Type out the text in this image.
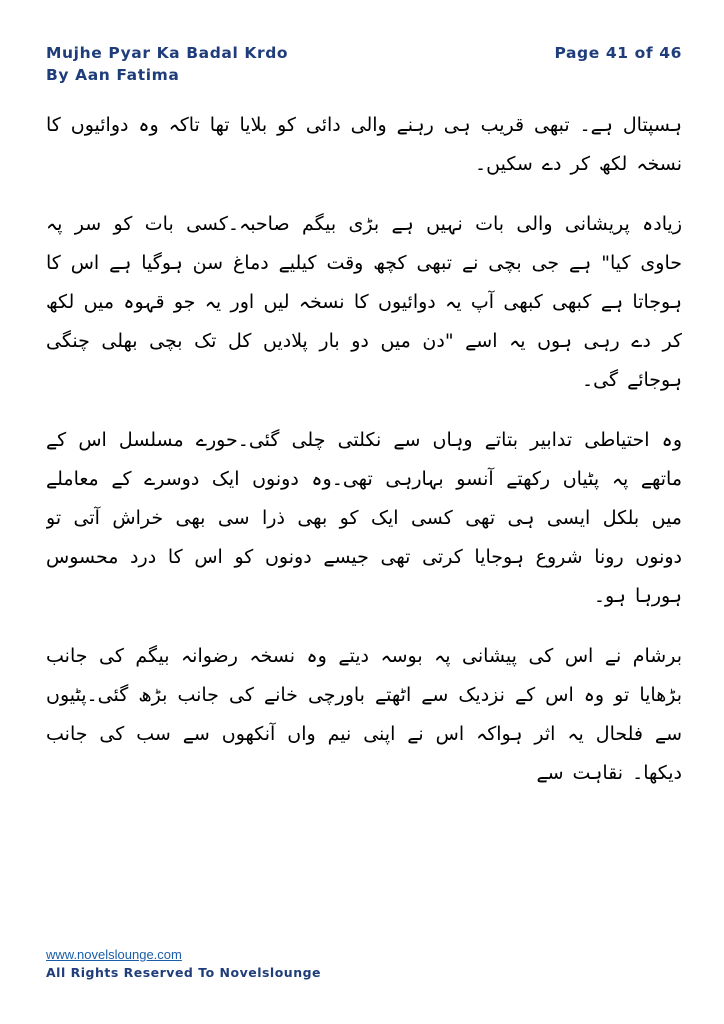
Mujhe Pyar Ka Badal Krdo	Page 41 of 46
By Aan Fatima

ہسپتال ہے۔ تبھی قریب ہی رہنے والی دائی کو بلایا تھا تاکہ وہ دوائیوں کا نسخہ لکھ کر دے سکیں۔

زیادہ پریشانی والی بات نہیں ہے بڑی بیگم صاحبہ۔کسی بات کو سر پہ حاوی کیا" ہے جی بچی نے تبھی کچھ وقت کیلیے دماغ سن ہوگیا ہے اس کا ہوجاتا ہے کبھی کبھی آپ یہ دوائیوں کا نسخہ لیں اور یہ جو قہوہ میں لکھ کر دے رہی ہوں یہ اسے "دن میں دو بار پلادیں کل تک بچی بھلی چنگی ہوجائے گی۔

وہ احتیاطی تدابیر بتاتے وہاں سے نکلتی چلی گئی۔حورے مسلسل اس کے ماتھے پہ پٹیاں رکھتے آنسو بہارہی تھی۔وہ دونوں ایک دوسرے کے معاملے میں بلکل ایسی ہی تھی کسی ایک کو بھی ذرا سی بھی خراش آتی تو دونوں رونا شروع ہوجایا کرتی تھی جیسے دونوں کو اس کا درد محسوس ہورہا ہو۔

برشام نے اس کی پیشانی پہ بوسہ دیتے وہ نسخہ رضوانہ بیگم کی جانب بڑھایا تو وہ اس کے نزدیک سے اٹھتے باورچی خانے کی جانب بڑھ گئی۔پٹیوں سے فلحال یہ اثر ہواکہ اس نے اپنی نیم واں آنکھوں سے سب کی جانب دیکھا۔ نقاہت سے

www.novelslounge.com
All Rights Reserved To Novelslounge
